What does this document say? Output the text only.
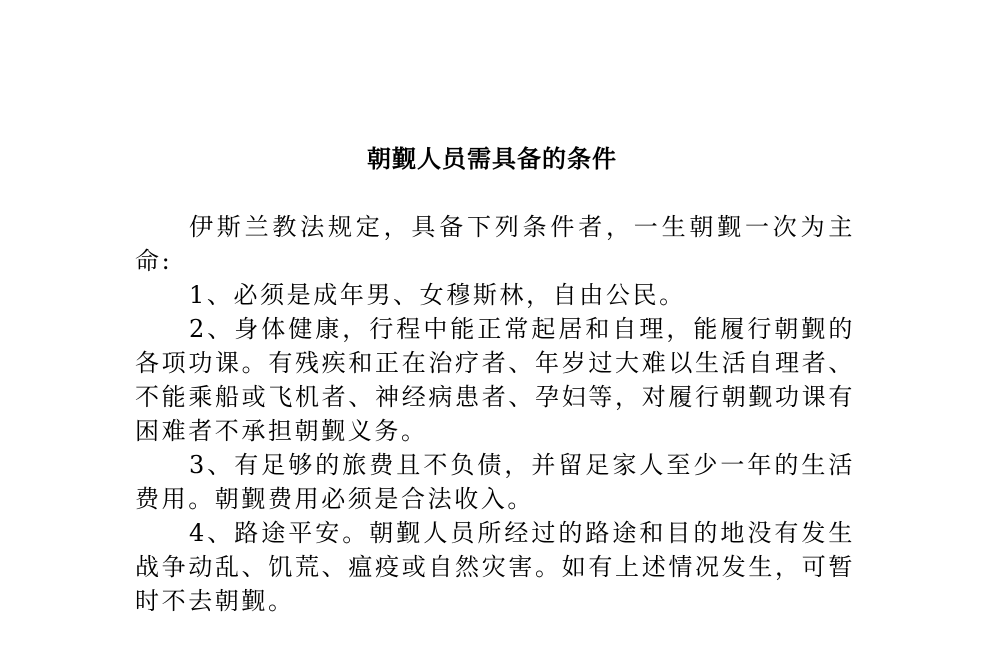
朝觐人员需具备的条件

伊斯兰教法规定，具备下列条件者，一生朝觐一次为主命:

1、必须是成年男、女穆斯林，自由公民。

2、身体健康，行程中能正常起居和自理，能履行朝觐的各项功课。有残疾和正在治疗者、年岁过大难以生活自理者、不能乘船或飞机者、神经病患者、孕妇等，对履行朝觐功课有困难者不承担朝觐义务。

3、有足够的旅费且不负债，并留足家人至少一年的生活费用。朝觐费用必须是合法收入。

4、路途平安。朝觐人员所经过的路途和目的地没有发生战争动乱、饥荒、瘟疫或自然灾害。如有上述情况发生，可暂时不去朝觐。
